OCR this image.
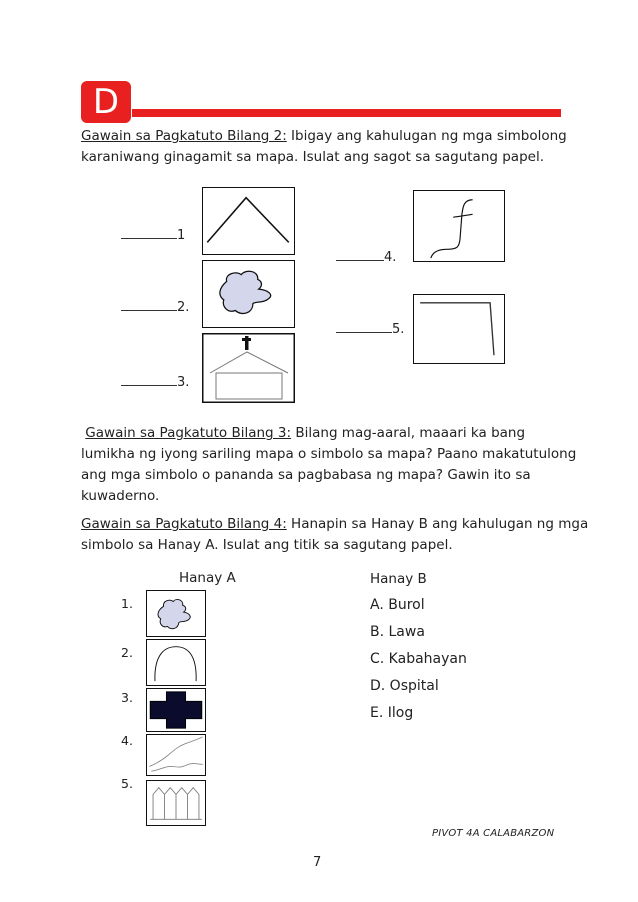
D
Gawain sa Pagkatuto Bilang 2: Ibigay ang kahulugan ng mga simbolong
karaniwang ginagamit sa mapa. Isulat ang sagot sa sagutang papel.
1
2.
3.
4.
5.
Gawain sa Pagkatuto Bilang 3: Bilang mag-aaral, maaari ka bang
lumikha ng iyong sariling mapa o simbolo sa mapa? Paano makatutulong
ang mga simbolo o pananda sa pagbabasa ng mapa? Gawin ito sa
kuwaderno.
Gawain sa Pagkatuto Bilang 4: Hanapin sa Hanay B ang kahulugan ng mga
simbolo sa Hanay A. Isulat ang titik sa sagutang papel.
Hanay A	Hanay B
1.
2.
3.
4.
5.
A. Burol
B. Lawa
C. Kabahayan
D. Ospital
E. Ilog
PIVOT 4A CALABARZON
7
